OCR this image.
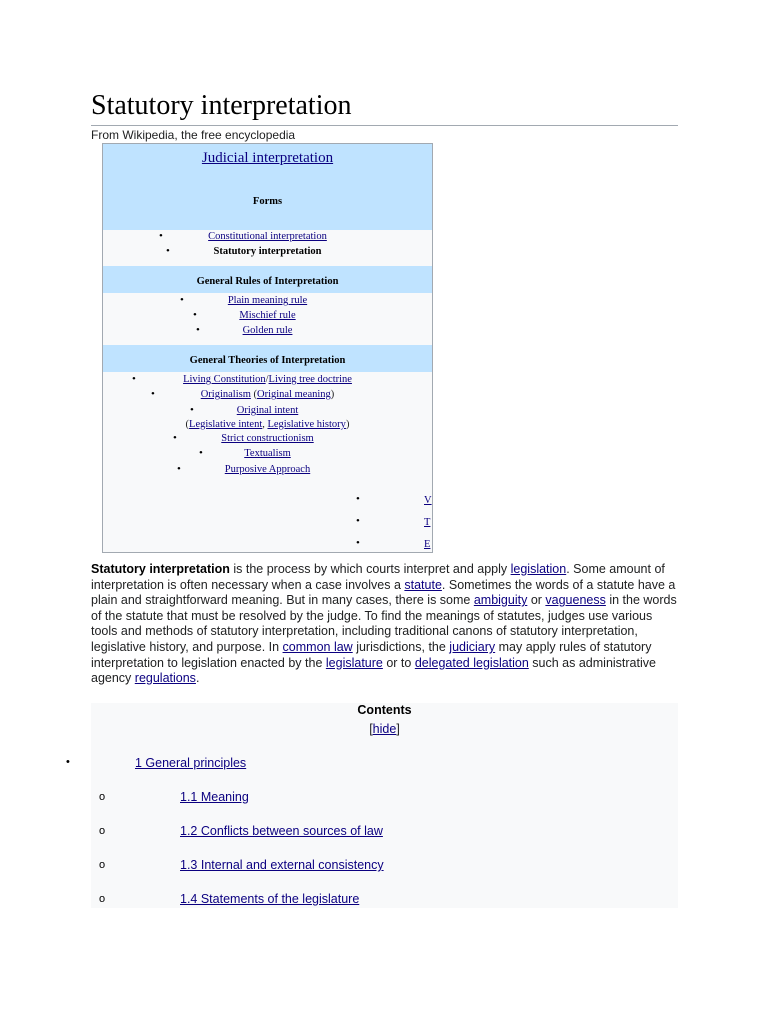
Statutory interpretation
From Wikipedia, the free encyclopedia
Judicial interpretation
Forms
•	Constitutional interpretation
•	Statutory interpretation
General Rules of Interpretation
•	Plain meaning rule
•	Mischief rule
•	Golden rule
General Theories of Interpretation
•	Living Constitution/Living tree doctrine
•	Originalism (Original meaning)
•	Original intent
(Legislative intent, Legislative history)
•	Strict constructionism
•	Textualism
•	Purposive Approach
•	V
•	T
•	E

Statutory interpretation is the process by which courts interpret and apply legislation. Some amount of interpretation is often necessary when a case involves a statute. Sometimes the words of a statute have a plain and straightforward meaning. But in many cases, there is some ambiguity or vagueness in the words of the statute that must be resolved by the judge. To find the meanings of statutes, judges use various tools and methods of statutory interpretation, including traditional canons of statutory interpretation, legislative history, and purpose. In common law jurisdictions, the judiciary may apply rules of statutory interpretation to legislation enacted by the legislature or to delegated legislation such as administrative agency regulations.

Contents
[hide]
•	1 General principles
o	1.1 Meaning
o	1.2 Conflicts between sources of law
o	1.3 Internal and external consistency
o	1.4 Statements of the legislature
